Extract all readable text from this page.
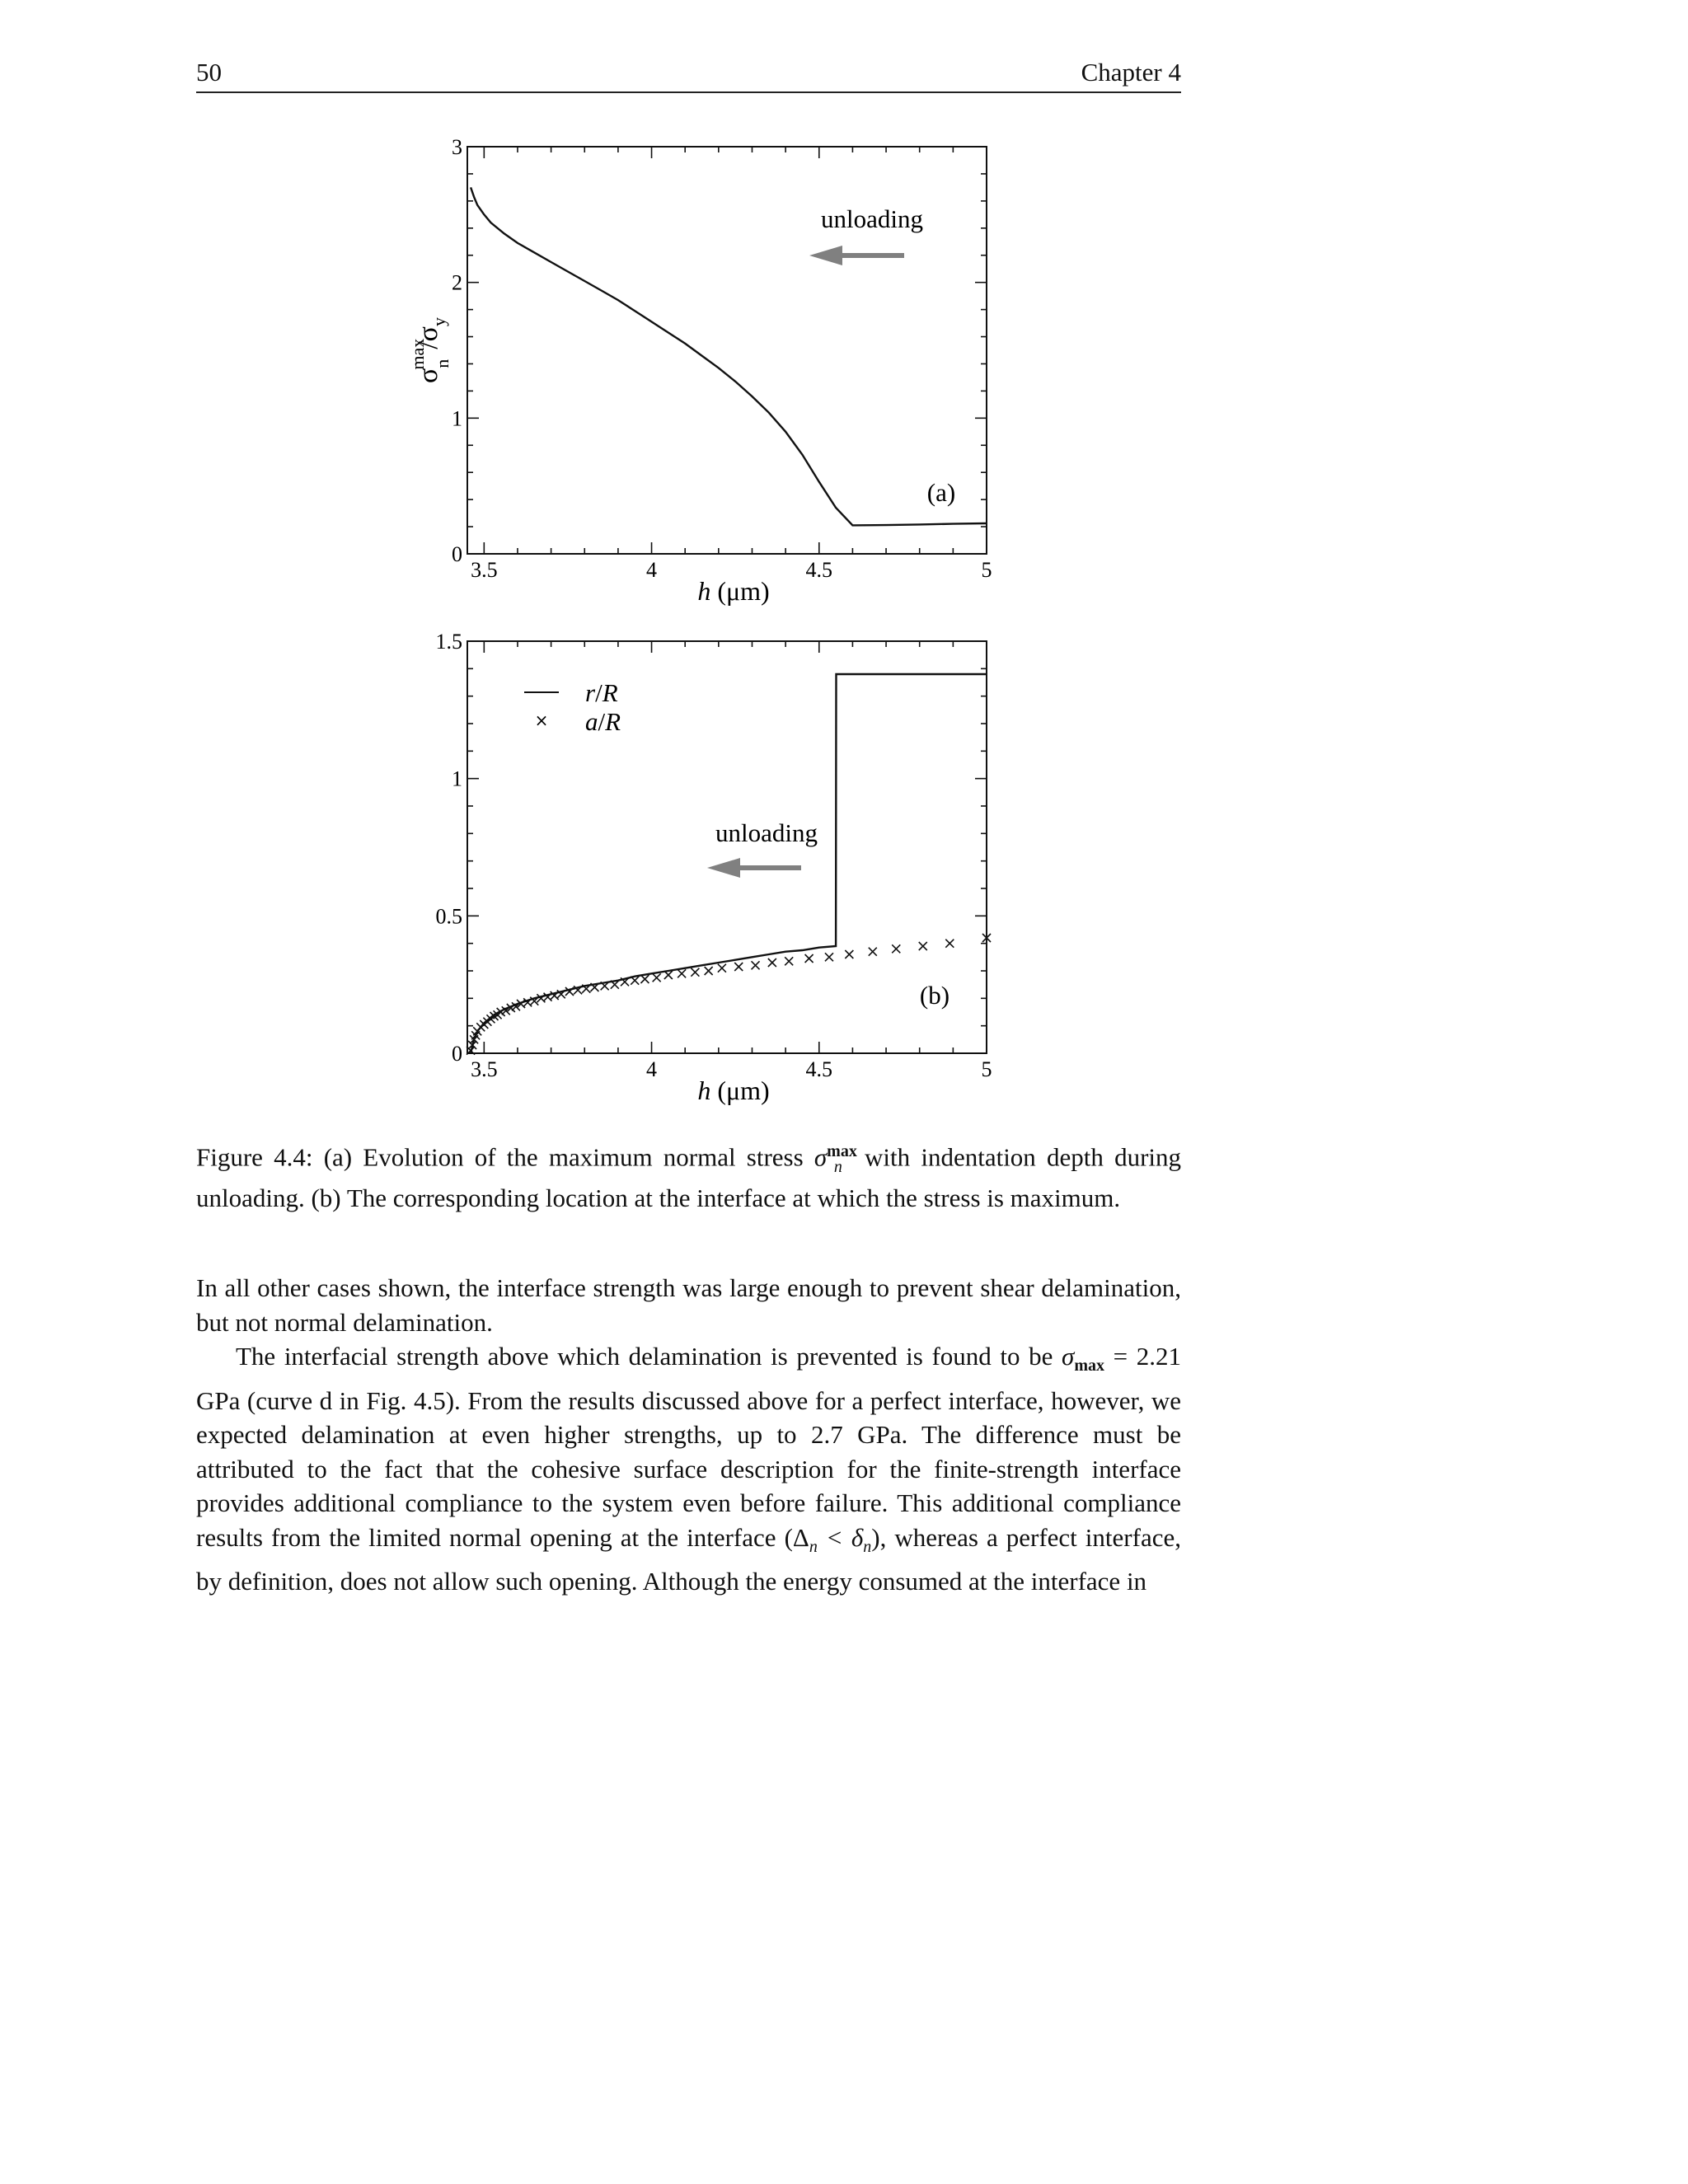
50	Chapter 4
3.5	4	4.5	5
0
1
2
3
σmax $n/\sigma_y$
h (μm)
unloading
(a)
3.5	4	4.5	5
0
0.5
1
1.5
h (μm)
r/R
× a/R
unloading
(b)
Figure 4.4: (a) Evolution of the maximum normal stress $\sigma^{max}_n$ with indentation depth during unloading. (b) The corresponding location at the interface at which the stress is maximum.

In all other cases shown, the interface strength was large enough to prevent shear delamination, but not normal delamination.

The interfacial strength above which delamination is prevented is found to be $\sigma_{max} = 2.21$ GPa (curve d in Fig. 4.5). From the results discussed above for a perfect interface, however, we expected delamination at even higher strengths, up to 2.7 GPa. The difference must be attributed to the fact that the cohesive surface description for the finite-strength interface provides additional compliance to the system even before failure. This additional compliance results from the limited normal opening at the interface $(\Delta_n < \delta_n)$, whereas a perfect interface, by definition, does not allow such opening. Although the energy consumed at the interface in
